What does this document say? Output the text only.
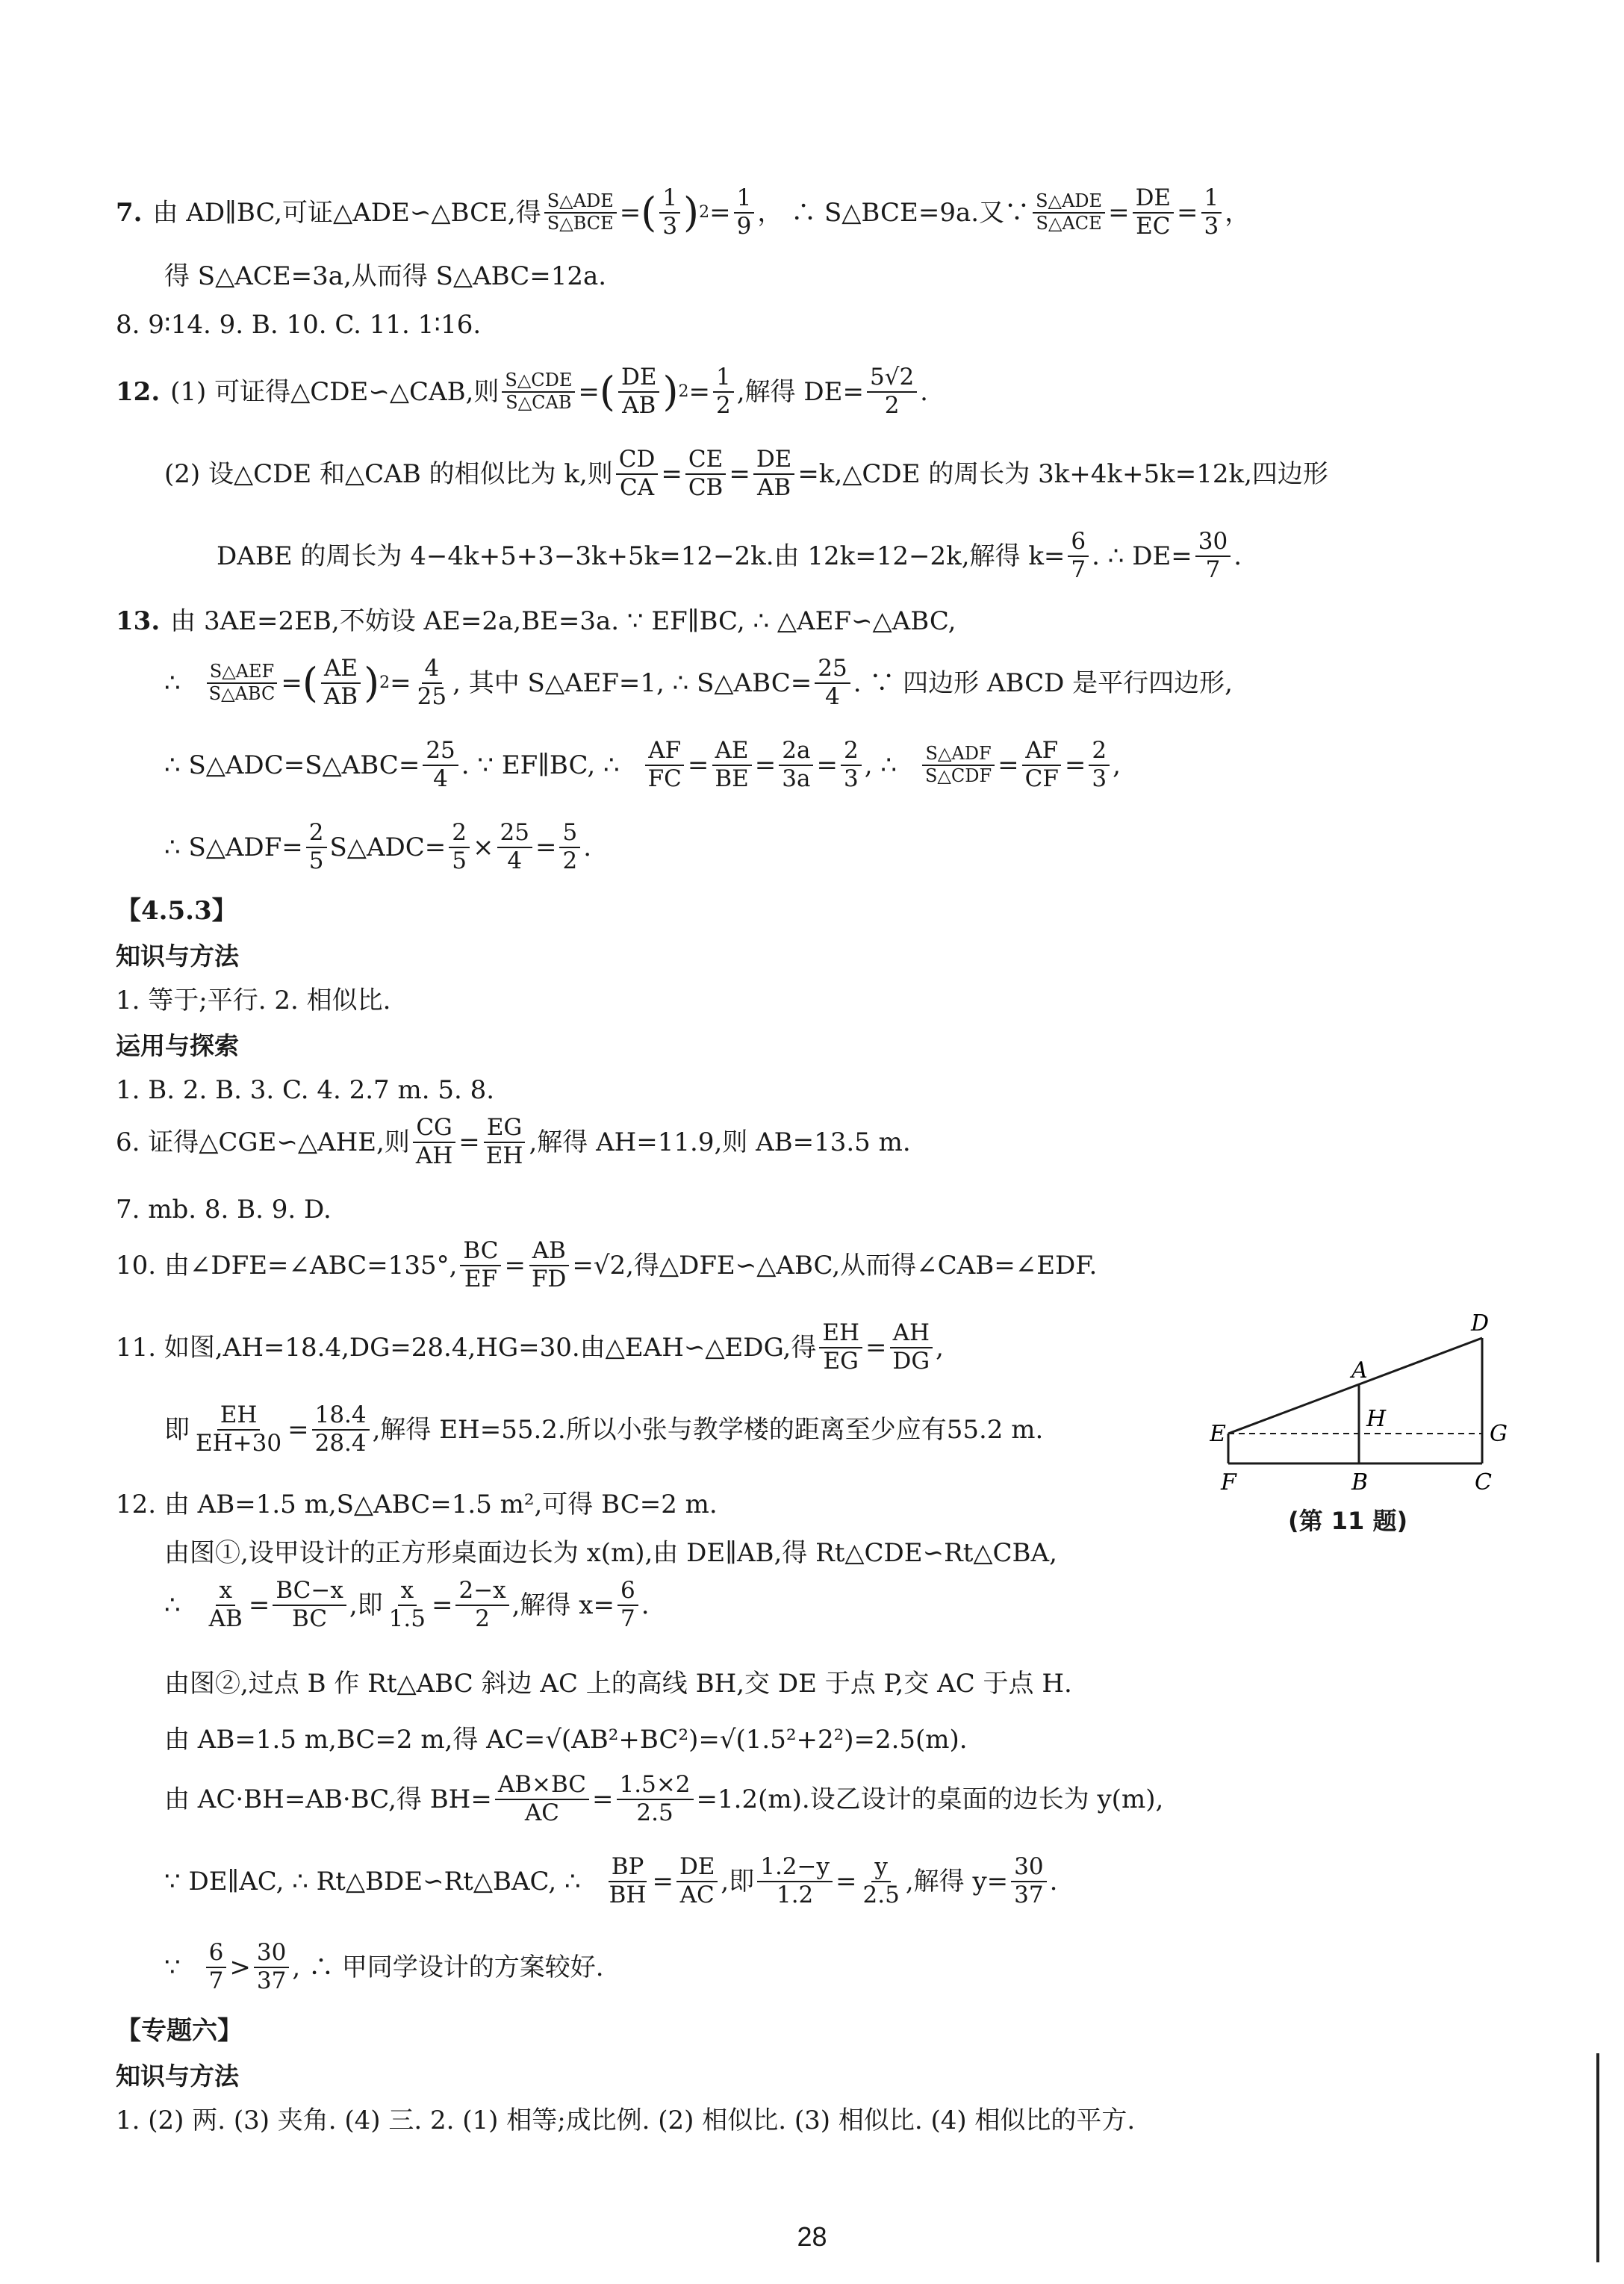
7. 由 AD∥BC,可证△ADE∽△BCE,得 $\frac{\text{S△ADE}}{\text{S△BCE}}$ = ( $\frac{1}{3}$ ) $2 = \frac{1}{9}$ ， ∴ S△BCE=9a.又∵ $\frac{\text{S△ADE}}{\text{S△ACE}} = \frac{DE}{EC} = \frac{1}{3}$ ，
得 S△ACE=3a,从而得 S△ABC=12a.
8. 9∶14. 9. B. 10. C. 11. 1∶16.
12. (1) 可证得△CDE∽△CAB,则 $\frac{\text{S△CDE}}{\text{S△CAB}}$ = ( $\frac{DE}{AB}$ ) $2 = \frac{1}{2}$ ,解得 $DE= \frac{5√2}{2}$ .
(2) 设△CDE 和△CAB 的相似比为 k,则 $\frac{CD}{CA} = \frac{CE}{CB} = \frac{DE}{AB}$ =k,△CDE 的周长为 3k+4k+5k=12k,四边形
DABE 的周长为 4−4k+5+3−3k+5k=12−2k.由 12k=12−2k,解得 $k= \frac{6}{7}$ . ∴ $DE= \frac{30}{7}$ .
13. 由 3AE=2EB,不妨设 AE=2a,BE=3a. ∵ EF∥BC, ∴ △AEF∽△ABC,
∴ $\frac{\text{S△AEF}}{\text{S△ABC}}$ = ( $\frac{AE}{AB}$ ) $2 = \frac{4}{25}$ , 其中 S△AEF=1, ∴ S△ABC= $\frac{25}{4}$ . ∵ 四边形 ABCD 是平行四边形,
∴ S△ADC=S△ABC= $\frac{25}{4}$ . ∵ EF∥BC, ∴ $\frac{AF}{FC} = \frac{AE}{BE} = \frac{2a}{3a} = \frac{2}{3}$ , ∴ $\frac{\text{S△ADF}}{\text{S△CDF}} = \frac{AF}{CF} = \frac{2}{3}$ ,
∴ S△ADF= $\frac{2}{5}$ S△ADC= $\frac{2}{5} \times \frac{25}{4} = \frac{5}{2}$ .
【4.5.3】
知识与方法
1. 等于;平行. 2. 相似比.
运用与探索
1. B. 2. B. 3. C. 4. 2.7 m. 5. 8.
6. 证得△CGE∽△AHE,则 $\frac{CG}{AH} = \frac{EG}{EH}$ ,解得 AH=11.9,则 AB=13.5 m.
7. mb. 8. B. 9. D.
10. 由∠DFE=∠ABC=135°, $\frac{BC}{EF} = \frac{AB}{FD} =√2$,得△DFE∽△ABC,从而得∠CAB=∠EDF.
11. 如图,AH=18.4,DG=28.4,HG=30.由△EAH∽△EDG,得 $\frac{EH}{EG} = \frac{AH}{DG}$ ,
即 $\frac{EH}{EH+30} = \frac{18.4}{28.4}$ ,解得 EH=55.2.所以小张与教学楼的距离至少应有55.2 m.
D
A
H
E	G
F	B	C
(第 11 题)
12. 由 AB=1.5 m,S△ABC=1.5 m²,可得 BC=2 m.
由图①,设甲设计的正方形桌面边长为 x(m),由 DE∥AB,得 Rt△CDE∽Rt△CBA,
∴ $\frac{x}{AB} = \frac{BC-x}{BC}$ ,即 $\frac{x}{1.5} = \frac{2-x}{2}$ ,解得 $x= \frac{6}{7}$ .
由图②,过点 B 作 Rt△ABC 斜边 AC 上的高线 BH,交 DE 于点 P,交 AC 于点 H.
由 AB=1.5 m,BC=2 m,得 AC=√(AB²+BC²)=√(1.5²+2²)=2.5(m).
由 AC·BH=AB·BC,得 $BH= \frac{AB\times BC}{AC} = \frac{1.5\times 2}{2.5} =1.2(m)$.设乙设计的桌面的边长为 y(m),
∵ DE∥AC, ∴ Rt△BDE∽Rt△BAC, ∴ $\frac{BP}{BH} = \frac{DE}{AC}$ ,即 $\frac{1.2-y}{1.2} = \frac{y}{2.5}$ ,解得 $y= \frac{30}{37}$ .
∵ $\frac{6}{7} > \frac{30}{37}$ , ∴ 甲同学设计的方案较好.
【专题六】
知识与方法
1. (2) 两. (3) 夹角. (4) 三. 2. (1) 相等;成比例. (2) 相似比. (3) 相似比. (4) 相似比的平方.
28
